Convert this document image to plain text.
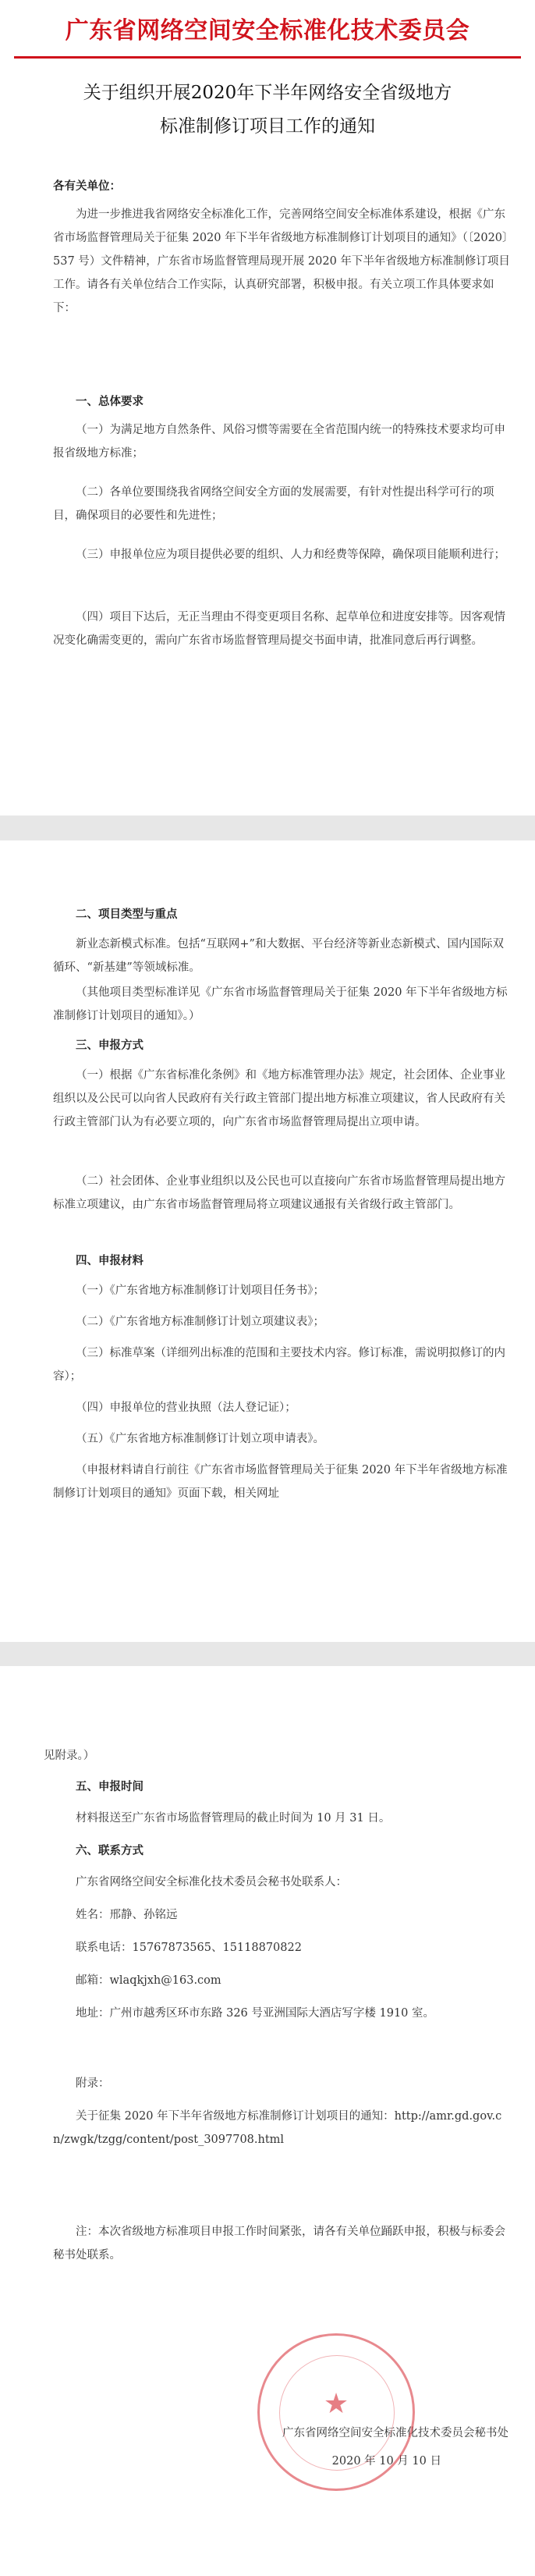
广东省网络空间安全标准化技术委员会
关于组织开展2020年下半年网络安全省级地方
标准制修订项目工作的通知
各有关单位：
为进一步推进我省网络安全标准化工作，完善网络空间安全标准体系建设，根据《广东省市场监督管理局关于征集 2020 年下半年省级地方标准制修订计划项目的通知》（〔2020〕537 号）文件精神，广东省市场监督管理局现开展 2020 年下半年省级地方标准制修订项目工作。请各有关单位结合工作实际，认真研究部署，积极申报。有关立项工作具体要求如下：
一、总体要求
（一）为满足地方自然条件、风俗习惯等需要在全省范围内统一的特殊技术要求均可申报省级地方标准；
（二）各单位要围绕我省网络空间安全方面的发展需要，有针对性提出科学可行的项目，确保项目的必要性和先进性；
（三）申报单位应为项目提供必要的组织、人力和经费等保障，确保项目能顺利进行；
（四）项目下达后，无正当理由不得变更项目名称、起草单位和进度安排等。因客观情况变化确需变更的，需向广东省市场监督管理局提交书面申请，批准同意后再行调整。
二、项目类型与重点
新业态新模式标准。包括“互联网+”和大数据、平台经济等新业态新模式、国内国际双循环、“新基建”等领域标准。
（其他项目类型标准详见《广东省市场监督管理局关于征集 2020 年下半年省级地方标准制修订计划项目的通知》。）
三、申报方式
（一）根据《广东省标准化条例》和《地方标准管理办法》规定，社会团体、企业事业组织以及公民可以向省人民政府有关行政主管部门提出地方标准立项建议，省人民政府有关行政主管部门认为有必要立项的，向广东省市场监督管理局提出立项申请。
（二）社会团体、企业事业组织以及公民也可以直接向广东省市场监督管理局提出地方标准立项建议，由广东省市场监督管理局将立项建议通报有关省级行政主管部门。
四、申报材料
（一）《广东省地方标准制修订计划项目任务书》；
（二）《广东省地方标准制修订计划立项建议表》；
（三）标准草案（详细列出标准的范围和主要技术内容。修订标准，需说明拟修订的内容）；
（四）申报单位的营业执照（法人登记证）；
（五）《广东省地方标准制修订计划立项申请表》。
（申报材料请自行前往《广东省市场监督管理局关于征集 2020 年下半年省级地方标准制修订计划项目的通知》页面下载，相关网址
见附录。）
五、申报时间
材料报送至广东省市场监督管理局的截止时间为 10 月 31 日。
六、联系方式
广东省网络空间安全标准化技术委员会秘书处联系人：
姓名：邢静、孙铭远
联系电话：15767873565、15118870822
邮箱：wlaqkjxh@163.com
地址：广州市越秀区环市东路 326 号亚洲国际大酒店写字楼 1910 室。
附录：
关于征集 2020 年下半年省级地方标准制修订计划项目的通知：http://amr.gd.gov.cn/zwgk/tzgg/content/post_3097708.html
注：本次省级地方标准项目申报工作时间紧张，请各有关单位踊跃申报，积极与标委会秘书处联系。
广东省网络空间安全标准化技术委员会秘书处
2020 年 10 月 10 日
★
